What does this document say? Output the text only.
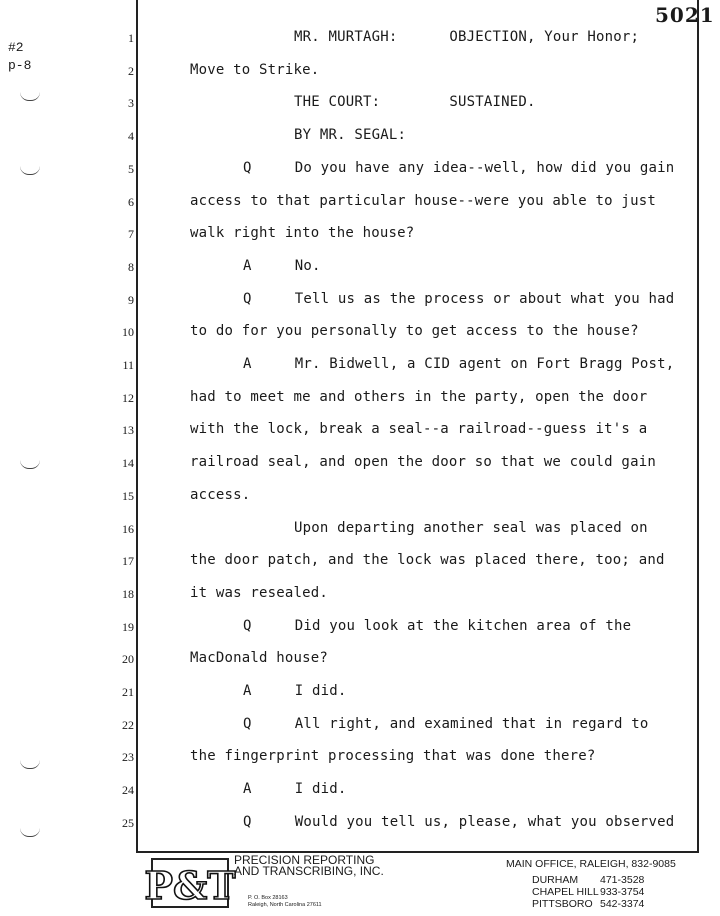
5021
#2
p-8
1	MR. MURTAGH:      OBJECTION, Your Honor;
2	Move to Strike.
3	THE COURT:        SUSTAINED.
4	BY MR. SEGAL:
5	Q     Do you have any idea--well, how did you gain
6	access to that particular house--were you able to just
7	walk right into the house?
8	A     No.
9	Q     Tell us as the process or about what you had
10	to do for you personally to get access to the house?
11	A     Mr. Bidwell, a CID agent on Fort Bragg Post,
12	had to meet me and others in the party, open the door
13	with the lock, break a seal--a railroad--guess it's a
14	railroad seal, and open the door so that we could gain
15	access.
16	Upon departing another seal was placed on
17	the door patch, and the lock was placed there, too; and
18	it was resealed.
19	Q     Did you look at the kitchen area of the
20	MacDonald house?
21	A     I did.
22	Q     All right, and examined that in regard to
23	the fingerprint processing that was done there?
24	A     I did.
25	Q     Would you tell us, please, what you observed
P&T
PRECISION REPORTING
AND TRANSCRIBING, INC.
P. O. Box 28163
Raleigh, North Carolina 27611
MAIN OFFICE, RALEIGH, 832-9085
DURHAM 471-3528
CHAPEL HILL933-3754
PITTSBORO 542-3374
